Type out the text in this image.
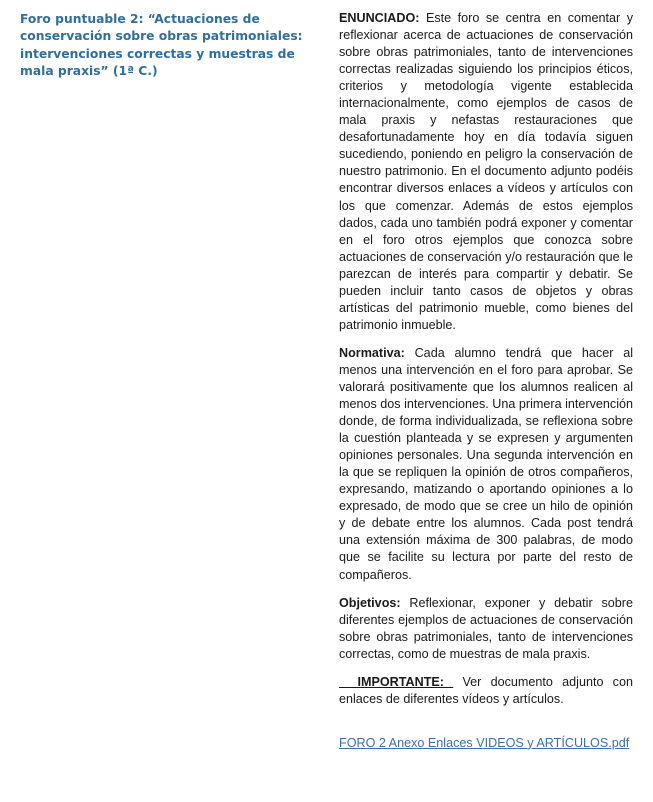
Foro puntuable 2: “Actuaciones de conservación sobre obras patrimoniales: intervenciones correctas y muestras de mala praxis” (1ª C.)

ENUNCIADO: Este foro se centra en comentar y reflexionar acerca de actuaciones de conservación sobre obras patrimoniales, tanto de intervenciones correctas realizadas siguiendo los principios éticos, criterios y metodología vigente establecida internacionalmente, como ejemplos de casos de mala praxis y nefastas restauraciones que desafortunadamente hoy en día todavía siguen sucediendo, poniendo en peligro la conservación de nuestro patrimonio. En el documento adjunto podéis encontrar diversos enlaces a vídeos y artículos con los que comenzar. Además de estos ejemplos dados, cada uno también podrá exponer y comentar en el foro otros ejemplos que conozca sobre actuaciones de conservación y/o restauración que le parezcan de interés para compartir y debatir. Se pueden incluir tanto casos de objetos y obras artísticas del patrimonio mueble, como bienes del patrimonio inmueble.

Normativa: Cada alumno tendrá que hacer al menos una intervención en el foro para aprobar. Se valorará positivamente que los alumnos realicen al menos dos intervenciones. Una primera intervención donde, de forma individualizada, se reflexiona sobre la cuestión planteada y se expresen y argumenten opiniones personales. Una segunda intervención en la que se repliquen la opinión de otros compañeros, expresando, matizando o aportando opiniones a lo expresado, de modo que se cree un hilo de opinión y de debate entre los alumnos. Cada post tendrá una extensión máxima de 300 palabras, de modo que se facilite su lectura por parte del resto de compañeros.

Objetivos: Reflexionar, exponer y debatir sobre diferentes ejemplos de actuaciones de conservación sobre obras patrimoniales, tanto de intervenciones correctas, como de muestras de mala praxis.

IMPORTANTE:  Ver documento adjunto con enlaces de diferentes vídeos y artículos.

FORO 2 Anexo Enlaces VIDEOS y ARTÍCULOS.pdf
